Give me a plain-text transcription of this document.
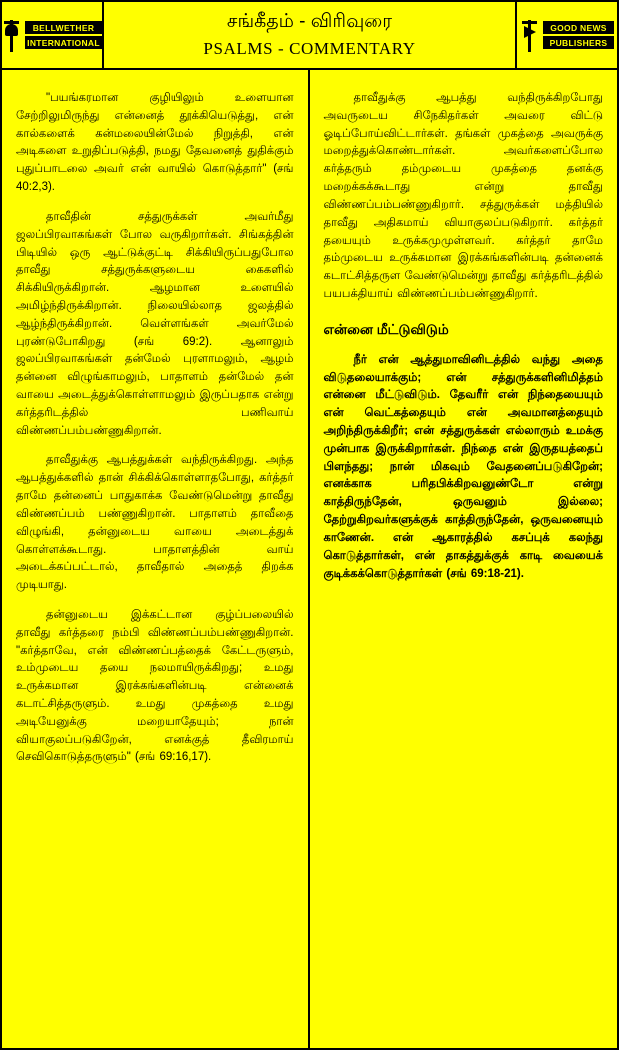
BELLWETHER
INTERNATIONAL
சங்கீதம் - விரிவுரை
PSALMS - COMMENTARY
GOOD NEWS
PUBLISHERS

"பயங்கரமான குழியிலும் உளையான சேற்றிலுமிருந்து என்னைத் தூக்கியெடுத்து, என் கால்களைக் கன்மலையின்மேல் நிறுத்தி, என் அடிகளை உறுதிப்படுத்தி, நமது தேவனைத் துதிக்கும் புதுப்பாடலை அவர் என் வாயில் கொடுத்தார்" (சங் 40:2,3).

தாவீதின் சத்துருக்கள் அவர்மீது ஜலப்பிரவாகங்கள் போல வருகிறார்கள். சிங்கத்தின் பிடியில் ஒரு ஆட்டுக்குட்டி சிக்கியிருப்பதுபோல தாவீது சத்துருக்களுடைய கைகளில் சிக்கியிருக்கிறான். ஆழமான உளையில் அமிழ்ந்திருக்கிறான். நிலையில்லாத ஜலத்தில் ஆழ்ந்திருக்கிறான். வெள்ளங்கள் அவர்மேல் புரண்டுபோகிறது (சங் 69:2). ஆனாலும் ஜலப்பிரவாகங்கள் தன்மேல் புரளாமலும், ஆழம் தன்னை விழுங்காமலும், பாதாளம் தன்மேல் தன் வாயை அடைத்துக்கொள்ளாமலும் இருப்பதாக என்று கர்த்தரிடத்தில் பணிவாய் விண்ணப்பம்பண்ணுகிறான்.

தாவீதுக்கு ஆபத்துக்கள் வந்திருக்கிறது. அந்த ஆபத்துக்களில் தான் சிக்கிக்கொள்ளாதபோது, கர்த்தர் தாமே தன்னைப் பாதுகாக்க வேண்டுமென்று தாவீது விண்ணப்பம் பண்ணுகிறான். பாதாளம் தாவீதை விழுங்கி, தன்னுடைய வாயை அடைத்துக் கொள்ளக்கூடாது. பாதாளத்தின் வாய் அடைக்கப்பட்டால், தாவீதால் அதைத் திறக்க முடியாது.

தன்னுடைய இக்கட்டான குழ்ப்பலையில் தாவீது கர்த்தரை நம்பி விண்ணப்பம்பண்ணுகிறான். "கர்த்தாவே, என் விண்ணப்பத்தைக் கேட்டருளும், உம்முடைய தயை நலமாயிருக்கிறது; உமது உருக்கமான இரக்கங்களின்படி என்னைக் கடாட்சித்தருளும். உமது முகத்தை உமது அடியேனுக்கு மறையாதேயும்; நான் வியாகுலப்படுகிறேன், எனக்குத் தீவிரமாய் செவிகொடுத்தருளும்" (சங் 69:16,17).

தாவீதுக்கு ஆபத்து வந்திருக்கிறபோது அவருடைய சிநேகிதர்கள் அவரை விட்டு ஓடிப்போய்விட்டார்கள். தங்கள் முகத்தை அவருக்கு மறைத்துக்கொண்டார்கள். அவர்களைப்போல கர்த்தரும் தம்முடைய முகத்தை தனக்கு மறைக்கக்கூடாது என்று தாவீது விண்ணப்பம்பண்ணுகிறார். சத்துருக்கள் மத்தியில் தாவீது அதிகமாய் வியாகுலப்படுகிறார். கர்த்தர் தயையும் உருக்கமுமுள்ளவர். கர்த்தர் தாமே தம்முடைய உருக்கமான இரக்கங்களின்படி தன்னைக் கடாட்சித்தருள வேண்டுமென்று தாவீது கர்த்தரிடத்தில் பயபக்தியாய் விண்ணப்பம்பண்ணுகிறார்.

என்னை மீட்டுவிடும்

நீர் என் ஆத்துமாவினிடத்தில் வந்து அதை விடுதலையாக்கும்; என் சத்துருக்களினிமித்தம் என்னை மீட்டுவிடும். தேவரீர் என் நிந்தையையும் என் வெட்கத்தையும் என் அவமானத்தையும் அறிந்திருக்கிறீர்; என் சத்துருக்கள் எல்லாரும் உமக்கு முன்பாக இருக்கிறார்கள். நிந்தை என் இருதயத்தைப் பிளந்தது; நான் மிகவும் வேதனைப்படுகிறேன்; எனக்காக பரிதபிக்கிறவனுண்டோ என்று காத்திருந்தேன், ஒருவனும் இல்லை; தேற்றுகிறவர்களுக்குக் காத்திருந்தேன், ஒருவனையும் காணேன். என் ஆகாரத்தில் கசப்புக் கலந்து கொடுத்தார்கள், என் தாகத்துக்குக் காடி வையைக் குடிக்கக்கொடுத்தார்கள் (சங் 69:18-21).
